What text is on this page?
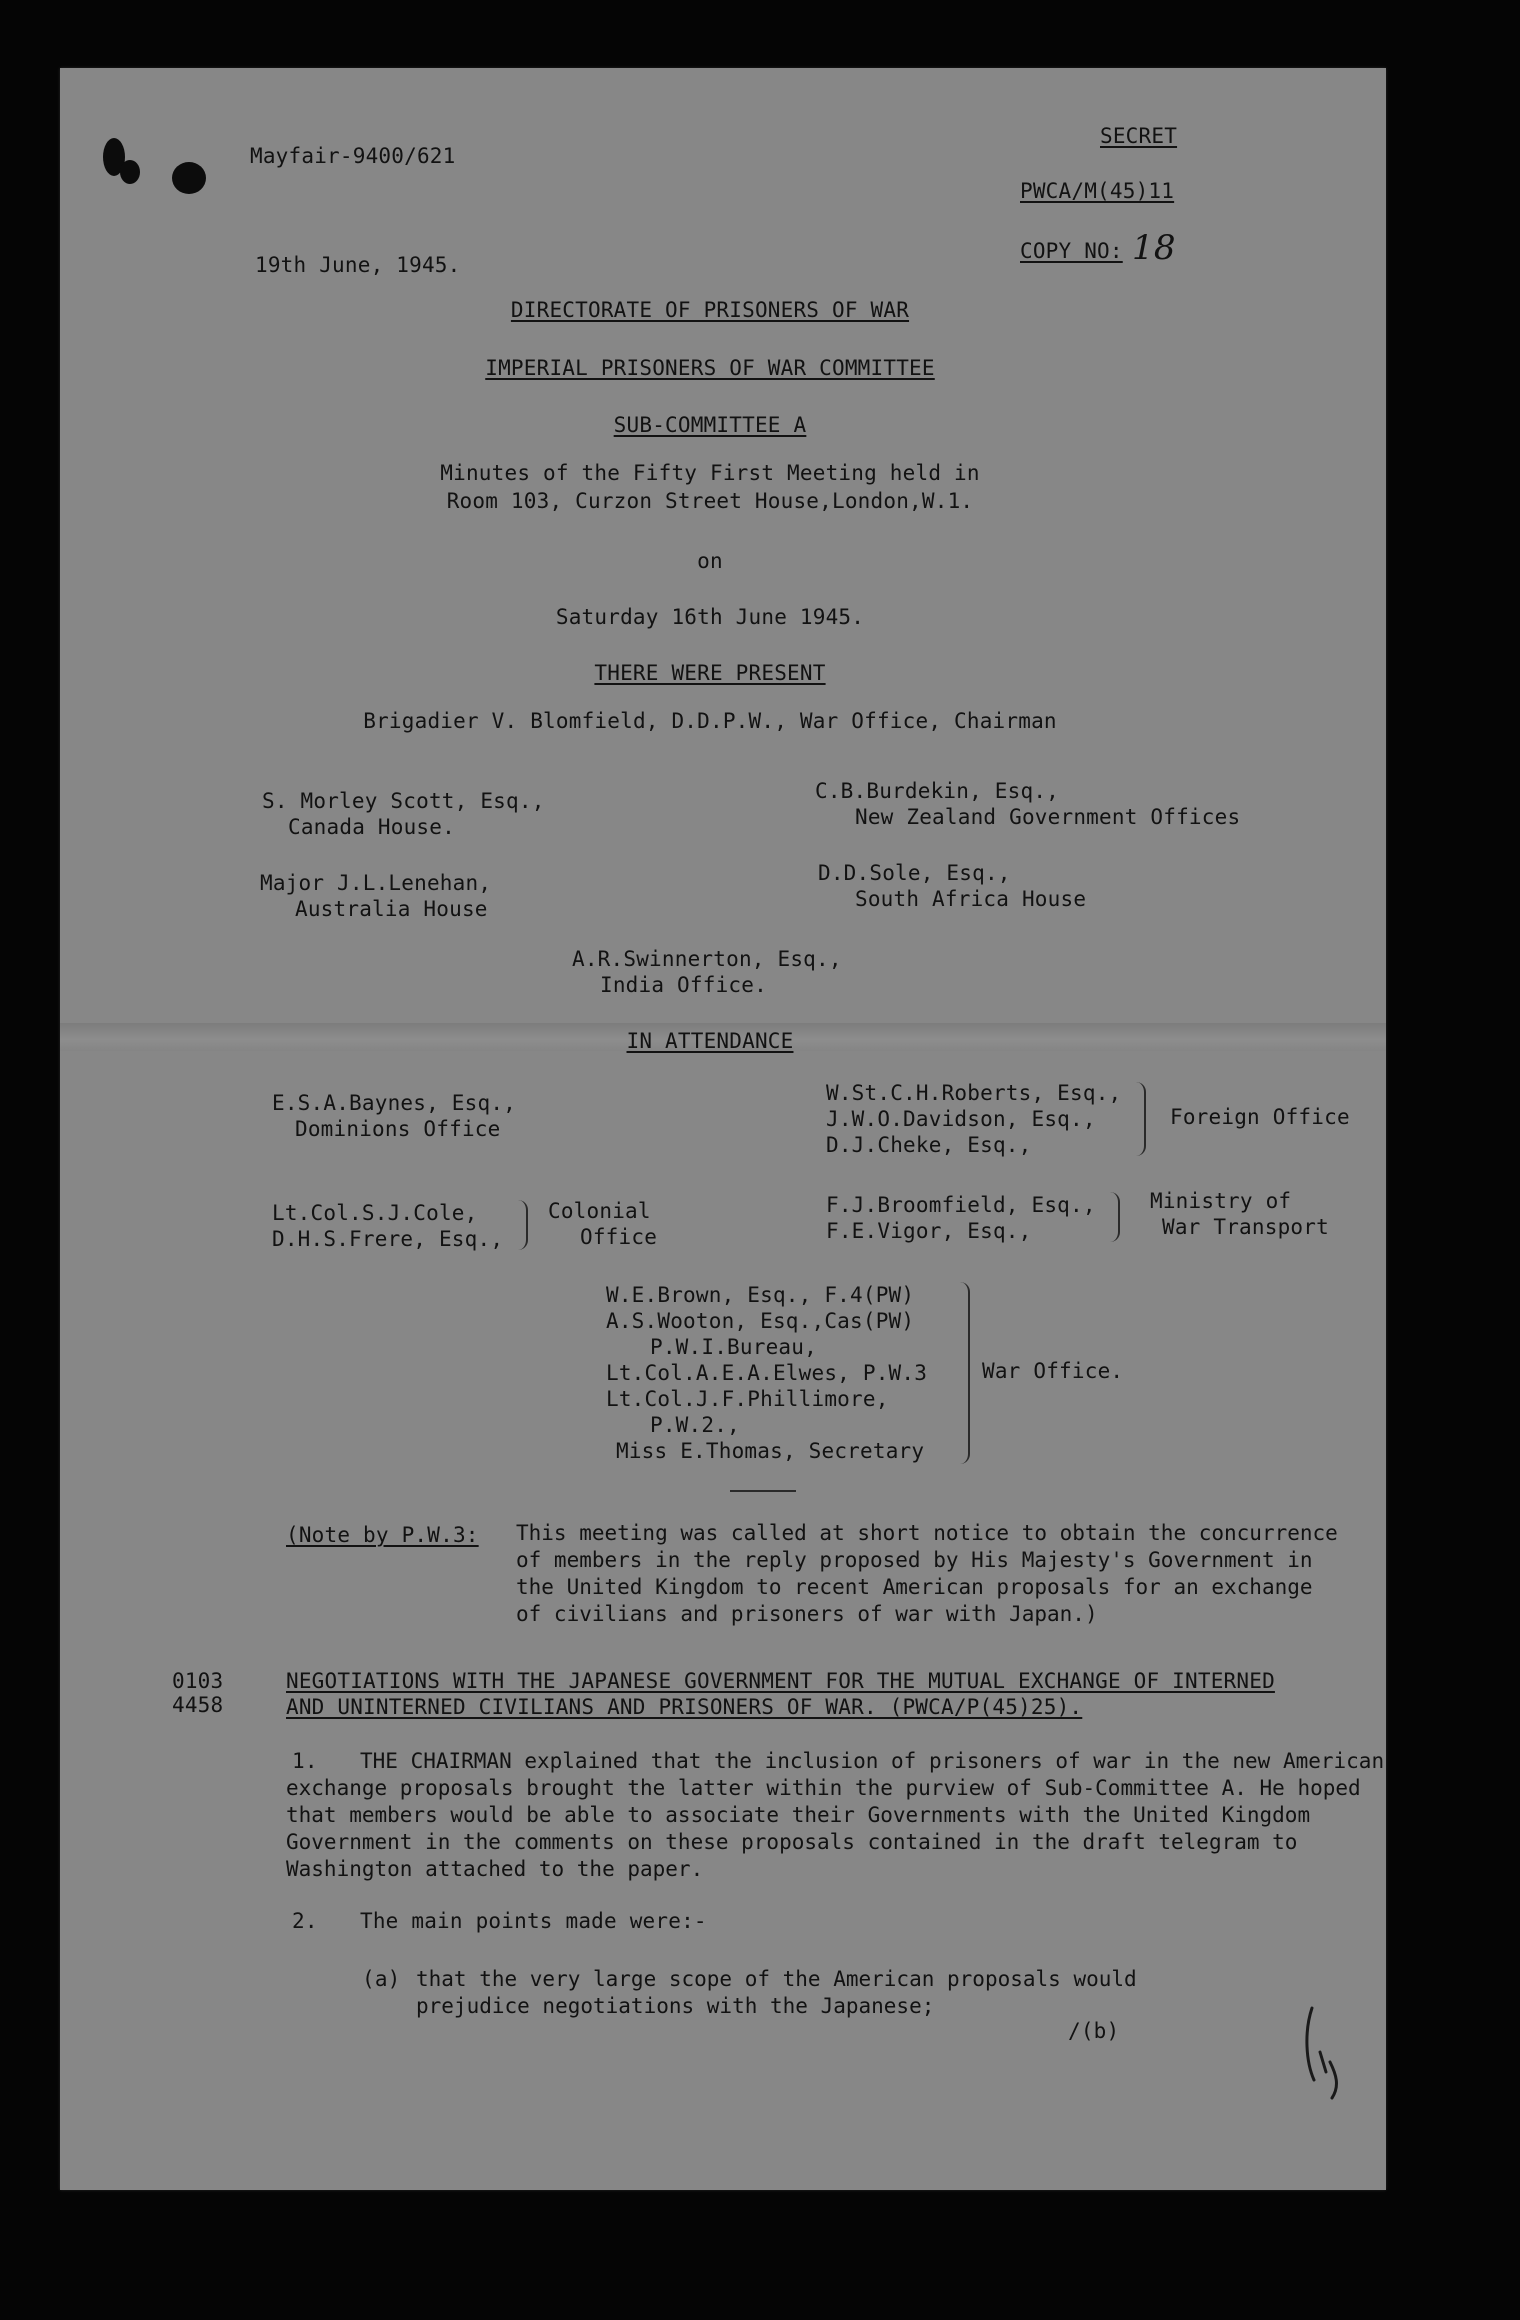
Mayfair-9400/621
19th June, 1945.
SECRET
PWCA/M(45)11
COPY NO: 18
DIRECTORATE OF PRISONERS OF WAR
IMPERIAL PRISONERS OF WAR COMMITTEE
SUB-COMMITTEE A
Minutes of the Fifty First Meeting held in
Room 103, Curzon Street House,London,W.1.
on
Saturday 16th June 1945.
THERE WERE PRESENT
Brigadier V. Blomfield, D.D.P.W., War Office, Chairman
S. Morley Scott, Esq.,
Canada House.
C.B.Burdekin, Esq.,
New Zealand Government Offices
Major J.L.Lenehan,
Australia House
D.D.Sole, Esq.,
South Africa House
A.R.Swinnerton, Esq.,
India Office.
IN ATTENDANCE
E.S.A.Baynes, Esq.,
Dominions Office
W.St.C.H.Roberts, Esq.,
J.W.O.Davidson, Esq.,
D.J.Cheke, Esq.,
Foreign Office
Lt.Col.S.J.Cole,
D.H.S.Frere, Esq.,
Colonial
Office
F.J.Broomfield, Esq.,
F.E.Vigor, Esq.,
Ministry of
War Transport
W.E.Brown, Esq., F.4(PW)
A.S.Wooton, Esq.,Cas(PW)
P.W.I.Bureau,
Lt.Col.A.E.A.Elwes, P.W.3
Lt.Col.J.F.Phillimore,
P.W.2.,
Miss E.Thomas, Secretary
War Office.
(Note by P.W.3: This meeting was called at short notice to obtain the concurrence of members in the reply proposed by His Majesty's Government in the United Kingdom to recent American proposals for an exchange of civilians and prisoners of war with Japan.)
0103
4458
NEGOTIATIONS WITH THE JAPANESE GOVERNMENT FOR THE MUTUAL EXCHANGE OF INTERNED
AND UNINTERNED CIVILIANS AND PRISONERS OF WAR. (PWCA/P(45)25).
1.	THE CHAIRMAN explained that the inclusion of prisoners of war in the new American exchange proposals brought the latter within the purview of Sub-Committee A. He hoped that members would be able to associate their Governments with the United Kingdom Government in the comments on these proposals contained in the draft telegram to Washington attached to the paper.
2. The main points made were:-
(a) that the very large scope of the American proposals would prejudice negotiations with the Japanese;
/(b)
